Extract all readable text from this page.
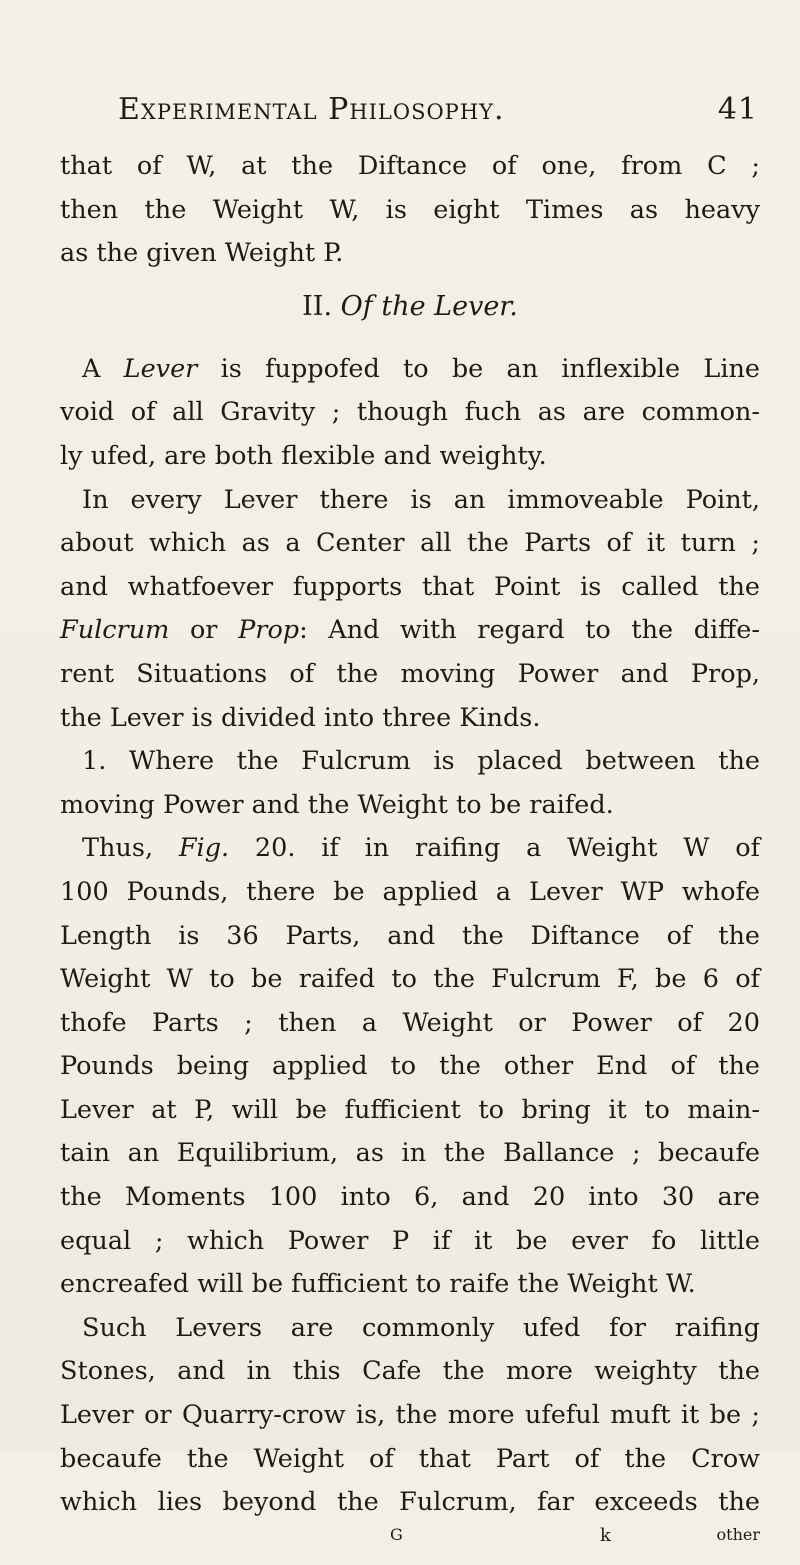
Experimental Philosophy.	41
that of W, at the Diftance of one, from C ;
then the Weight W, is eight Times as heavy
as the given Weight P.
II. Of the Lever.
A Lever is fuppofed to be an inflexible Line
void of all Gravity ; though fuch as are common-
ly ufed, are both flexible and weighty.
In every Lever there is an immoveable Point,
about which as a Center all the Parts of it turn ;
and whatfoever fupports that Point is called the
Fulcrum or Prop: And with regard to the diffe-
rent Situations of the moving Power and Prop,
the Lever is divided into three Kinds.
1. Where the Fulcrum is placed between the
moving Power and the Weight to be raifed.
Thus, Fig. 20. if in raifing a Weight W of
100 Pounds, there be applied a Lever WP whofe
Length is 36 Parts, and the Diftance of the
Weight W to be raifed to the Fulcrum F, be 6 of
thofe Parts ; then a Weight or Power of 20
Pounds being applied to the other End of the
Lever at P, will be fufficient to bring it to main-
tain an Equilibrium, as in the Ballance ; becaufe
the Moments 100 into 6, and 20 into 30 are
equal ; which Power P if it be ever fo little
encreafed will be fufficient to raife the Weight W.
Such Levers are commonly ufed for raifing
Stones, and in this Cafe the more weighty the
Lever or Quarry-crow is, the more ufeful muft it be ;
becaufe the Weight of that Part of the Crow
which lies beyond the Fulcrum, far exceeds the
G	k	other
